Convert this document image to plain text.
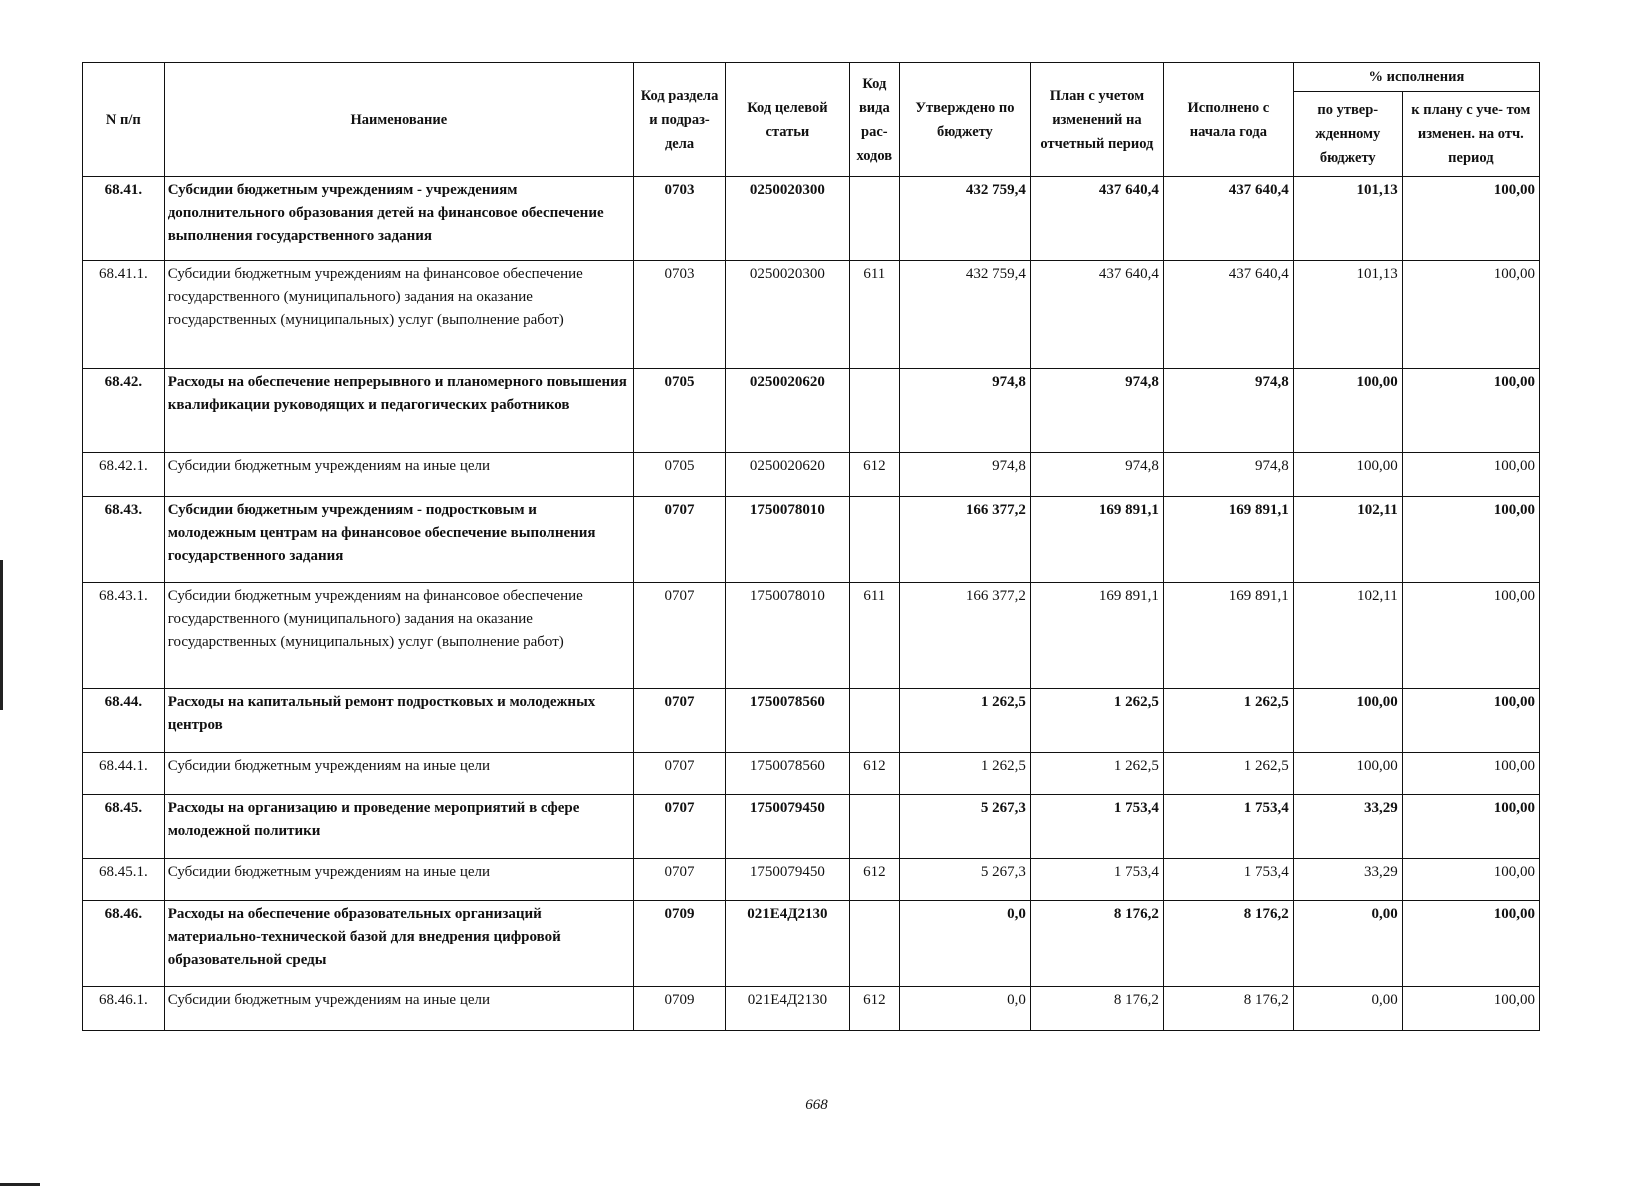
N п/п	Наименование	Код раздела и подраз- дела	Код целевой статьи	Код вида рас- ходов	Утверждено по бюджету	План с учетом изменений на отчетный период	Исполнено с начала года	% исполнения	
								по утвер- жденному бюджету	к плану с уче- том изменен. на отч. период
68.41.	Субсидии бюджетным учреждениям - учреждениям дополнительного образования детей на финансовое обеспечение выполнения государственного задания	0703	0250020300		432 759,4	437 640,4	437 640,4	101,13	100,00
68.41.1.	Субсидии бюджетным учреждениям на финансовое обеспечение государственного (муниципального) задания на оказание государственных (муниципальных) услуг (выполнение работ)	0703	0250020300	611	432 759,4	437 640,4	437 640,4	101,13	100,00
68.42.	Расходы на обеспечение непрерывного и планомерного повышения квалификации руководящих и педагогических работников	0705	0250020620		974,8	974,8	974,8	100,00	100,00
68.42.1.	Субсидии бюджетным учреждениям на иные цели	0705	0250020620	612	974,8	974,8	974,8	100,00	100,00
68.43.	Субсидии бюджетным учреждениям - подростковым и молодежным центрам на финансовое обеспечение выполнения государственного задания	0707	1750078010		166 377,2	169 891,1	169 891,1	102,11	100,00
68.43.1.	Субсидии бюджетным учреждениям на финансовое обеспечение государственного (муниципального) задания на оказание государственных (муниципальных) услуг (выполнение работ)	0707	1750078010	611	166 377,2	169 891,1	169 891,1	102,11	100,00
68.44.	Расходы на капитальный ремонт подростковых и молодежных центров	0707	1750078560		1 262,5	1 262,5	1 262,5	100,00	100,00
68.44.1.	Субсидии бюджетным учреждениям на иные цели	0707	1750078560	612	1 262,5	1 262,5	1 262,5	100,00	100,00
68.45.	Расходы на организацию и проведение мероприятий в сфере молодежной политики	0707	1750079450		5 267,3	1 753,4	1 753,4	33,29	100,00
68.45.1.	Субсидии бюджетным учреждениям на иные цели	0707	1750079450	612	5 267,3	1 753,4	1 753,4	33,29	100,00
68.46.	Расходы на обеспечение образовательных организаций материально-технической базой для внедрения цифровой образовательной среды	0709	021Е4Д2130		0,0	8 176,2	8 176,2	0,00	100,00
68.46.1.	Субсидии бюджетным учреждениям на иные цели	0709	021Е4Д2130	612	0,0	8 176,2	8 176,2	0,00	100,00
668
